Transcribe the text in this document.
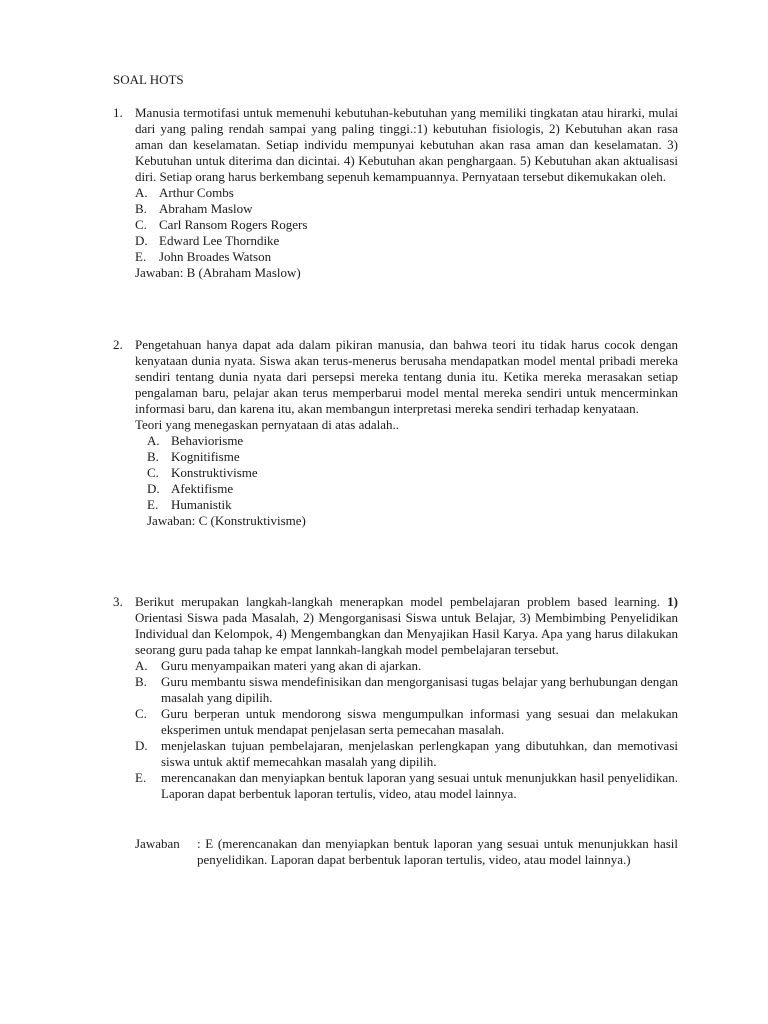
SOAL HOTS
1. Manusia termotifasi untuk memenuhi kebutuhan-kebutuhan yang memiliki tingkatan atau hirarki, mulai dari yang paling rendah sampai yang paling tinggi.:1) kebutuhan fisiologis, 2) Kebutuhan akan rasa aman dan keselamatan. Setiap individu mempunyai kebutuhan akan rasa aman dan keselamatan. 3) Kebutuhan untuk diterima dan dicintai. 4) Kebutuhan akan penghargaan. 5) Kebutuhan akan aktualisasi diri. Setiap orang harus berkembang sepenuh kemampuannya. Pernyataan tersebut dikemukakan oleh.

A. Arthur Combs
B. Abraham Maslow
C. Carl Ransom Rogers Rogers
D. Edward Lee Thorndike
E. John Broades Watson

Jawaban: B (Abraham Maslow)

2. Pengetahuan hanya dapat ada dalam pikiran manusia, dan bahwa teori itu tidak harus cocok dengan kenyataan dunia nyata. Siswa akan terus-menerus berusaha mendapatkan model mental pribadi mereka sendiri tentang dunia nyata dari persepsi mereka tentang dunia itu. Ketika mereka merasakan setiap pengalaman baru, pelajar akan terus memperbarui model mental mereka sendiri untuk mencerminkan informasi baru, dan karena itu, akan membangun interpretasi mereka sendiri terhadap kenyataan.

Teori yang menegaskan pernyataan di atas adalah..

A. Behaviorisme
B. Kognitifisme
C. Konstruktivisme
D. Afektifisme
E. Humanistik

Jawaban: C (Konstruktivisme)

3. Berikut merupakan langkah-langkah menerapkan model pembelajaran problem based learning. 1) Orientasi Siswa pada Masalah, 2) Mengorganisasi Siswa untuk Belajar, 3) Membimbing Penyelidikan Individual dan Kelompok, 4) Mengembangkan dan Menyajikan Hasil Karya. Apa yang harus dilakukan seorang guru pada tahap ke empat lannkah-langkah model pembelajaran tersebut.

A.	Guru menyampaikan materi yang akan di ajarkan.
B.	Guru membantu siswa mendefinisikan dan mengorganisasi tugas belajar yang berhubungan dengan masalah yang dipilih.
C.	Guru berperan untuk mendorong siswa mengumpulkan informasi yang sesuai dan melakukan eksperimen untuk mendapat penjelasan serta pemecahan masalah.
D.	menjelaskan tujuan pembelajaran, menjelaskan perlengkapan yang dibutuhkan, dan memotivasi siswa untuk aktif memecahkan masalah yang dipilih.
E.	merencanakan dan menyiapkan bentuk laporan yang sesuai untuk menunjukkan hasil penyelidikan. Laporan dapat berbentuk laporan tertulis, video, atau model lainnya.
Jawaban	: E (merencanakan dan menyiapkan bentuk laporan yang sesuai untuk menunjukkan hasil penyelidikan. Laporan dapat berbentuk laporan tertulis, video, atau model lainnya.)
